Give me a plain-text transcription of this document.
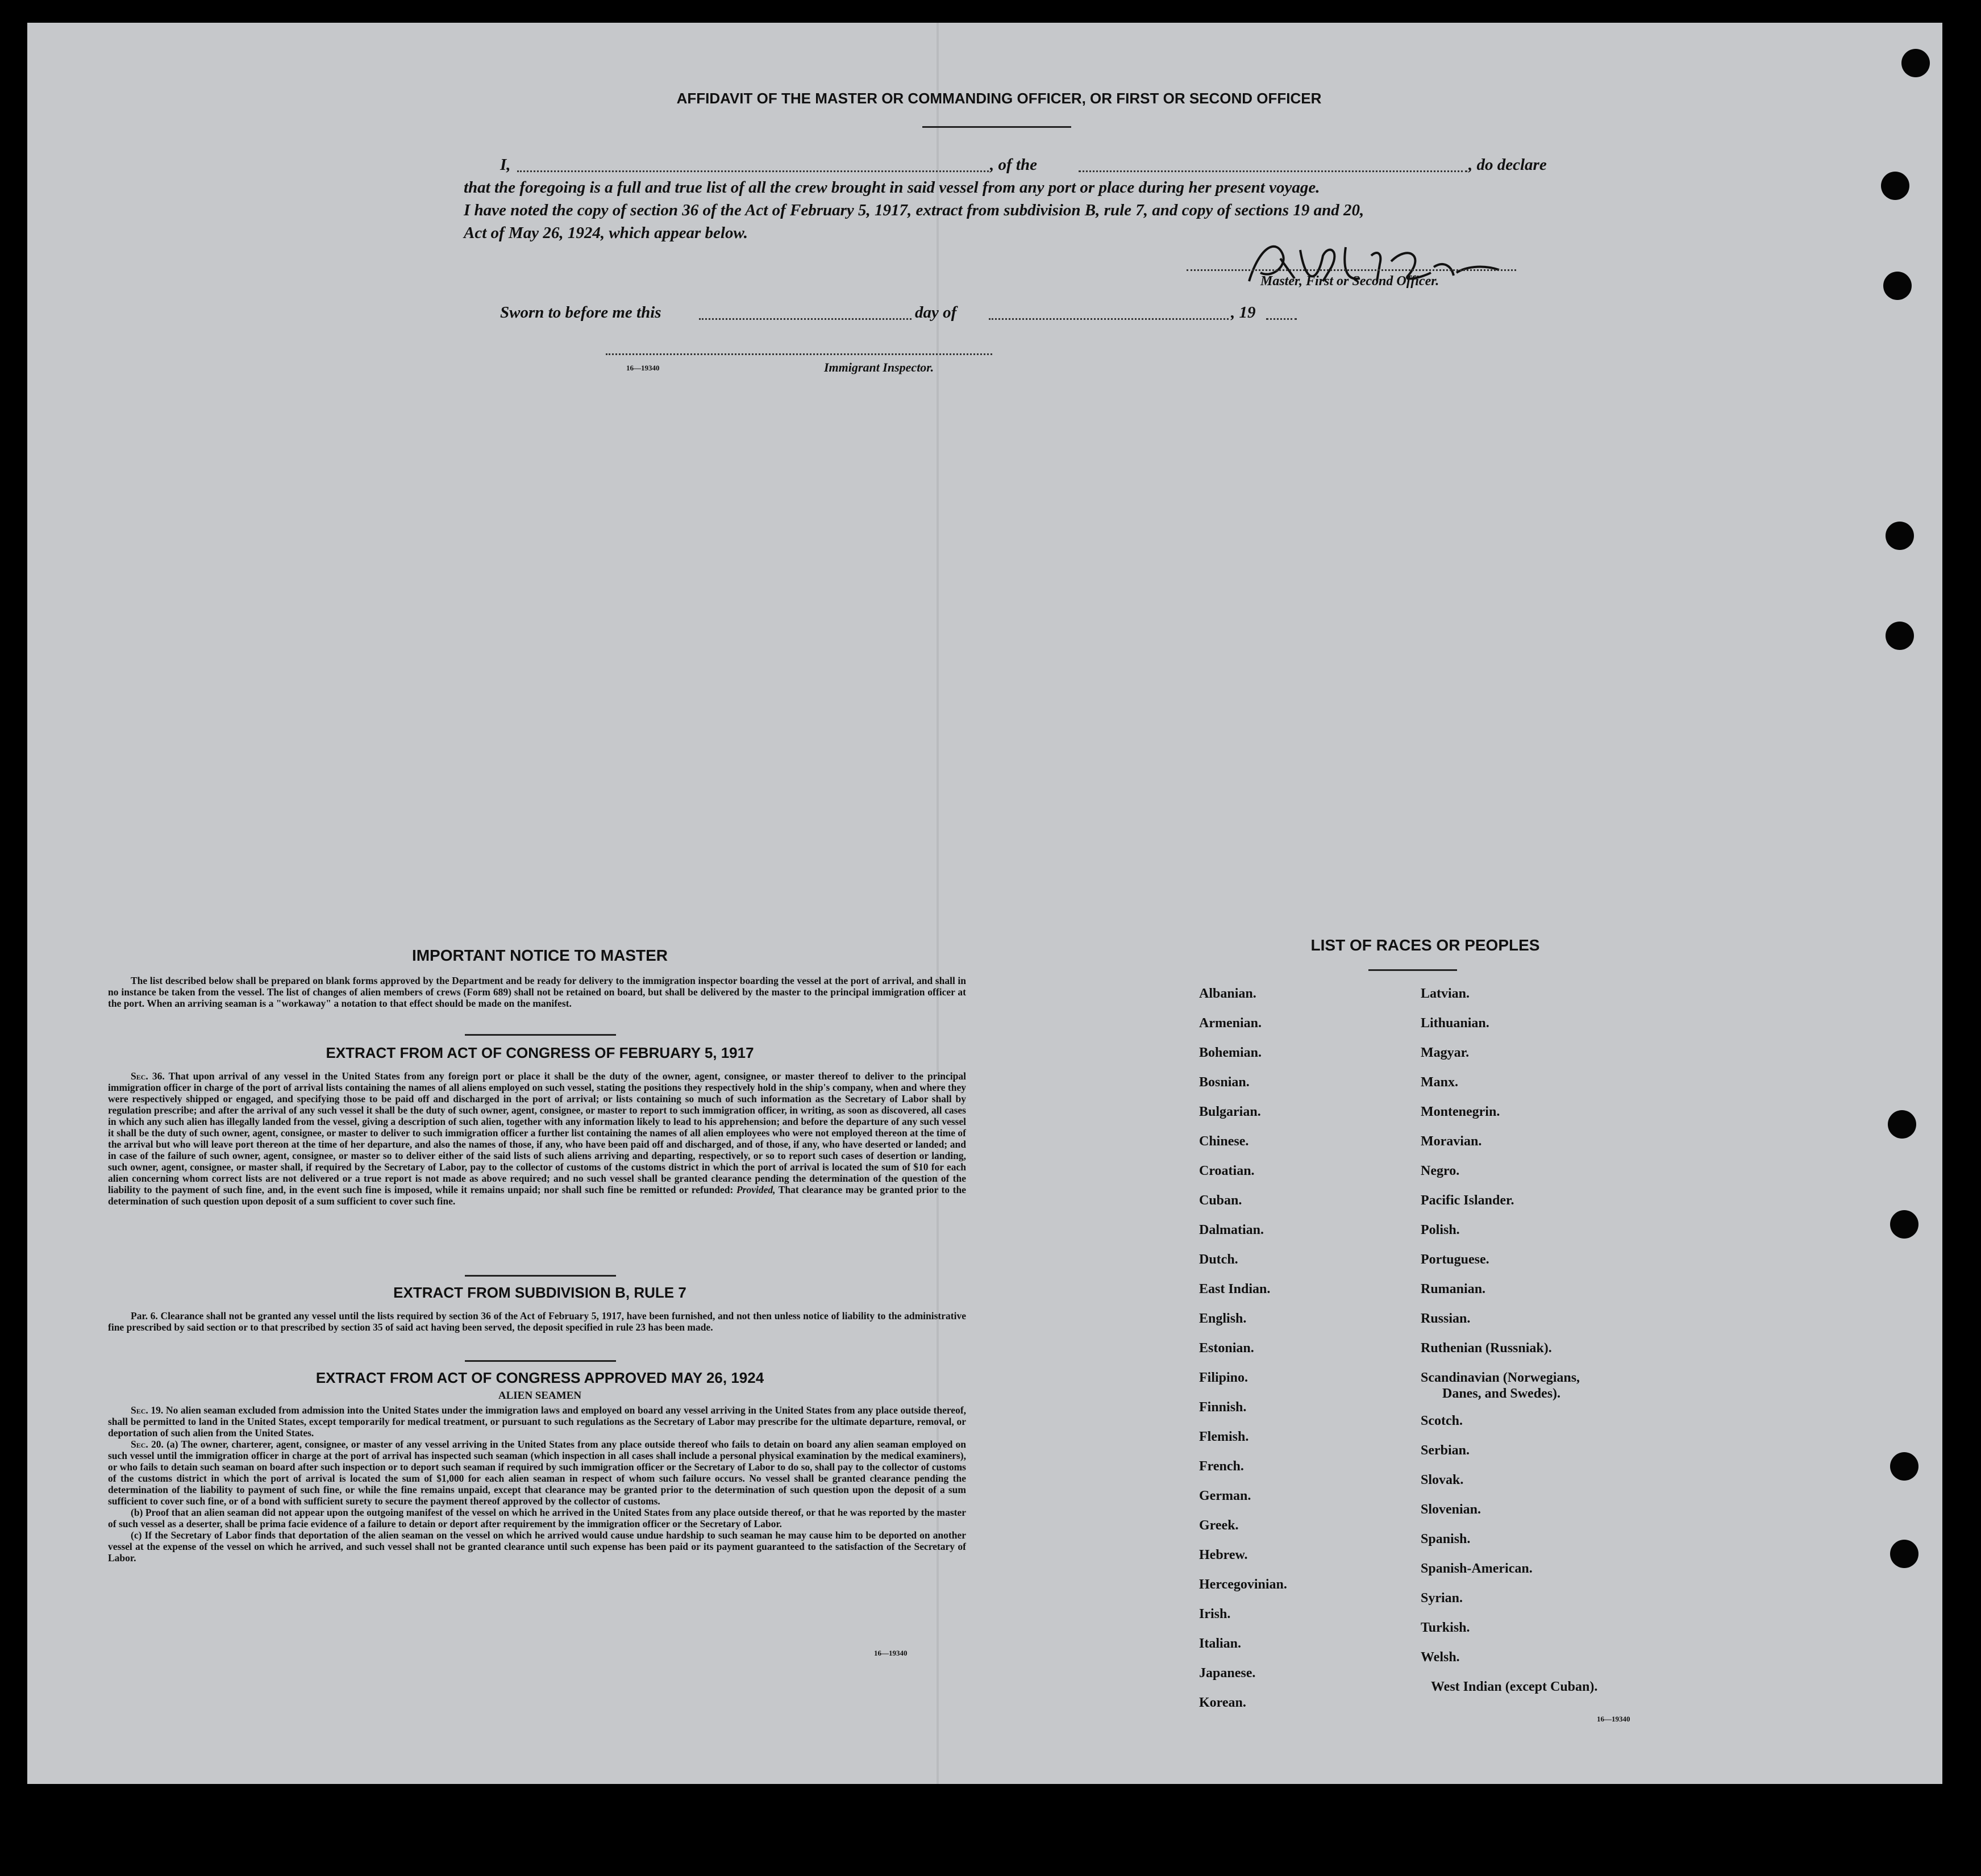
AFFIDAVIT OF THE MASTER OR COMMANDING OFFICER, OR FIRST OR SECOND OFFICER
I,	, of the	, do declare
that the foregoing is a full and true list of all the crew brought in said vessel from any port or place during her present voyage.
I have noted the copy of section 36 of the Act of February 5, 1917, extract from subdivision B, rule 7, and copy of sections 19 and 20,
Act of May 26, 1924, which appear below.
Master, First or Second Officer.
Sworn to before me this	day of	, 19
16—19340	Immigrant Inspector.
IMPORTANT NOTICE TO MASTER

The list described below shall be prepared on blank forms approved by the Department and be ready for delivery to the immigration inspector boarding the vessel at the port of arrival, and shall in no instance be taken from the vessel. The list of changes of alien members of crews (Form 689) shall not be retained on board, but shall be delivered by the master to the principal immigration officer at the port. When an arriving seaman is a "workaway" a notation to that effect should be made on the manifest.

EXTRACT FROM ACT OF CONGRESS OF FEBRUARY 5, 1917

Sec. 36. That upon arrival of any vessel in the United States from any foreign port or place it shall be the duty of the owner, agent, consignee, or master thereof to deliver to the principal immigration officer in charge of the port of arrival lists containing the names of all aliens employed on such vessel, stating the positions they respectively hold in the ship's company, when and where they were respectively shipped or engaged, and specifying those to be paid off and discharged in the port of arrival; or lists containing so much of such information as the Secretary of Labor shall by regulation prescribe; and after the arrival of any such vessel it shall be the duty of such owner, agent, consignee, or master to report to such immigration officer, in writing, as soon as discovered, all cases in which any such alien has illegally landed from the vessel, giving a description of such alien, together with any information likely to lead to his apprehension; and before the departure of any such vessel it shall be the duty of such owner, agent, consignee, or master to deliver to such immigration officer a further list containing the names of all alien employees who were not employed thereon at the time of the arrival but who will leave port thereon at the time of her departure, and also the names of those, if any, who have been paid off and discharged, and of those, if any, who have deserted or landed; and in case of the failure of such owner, agent, consignee, or master so to deliver either of the said lists of such aliens arriving and departing, respectively, or so to report such cases of desertion or landing, such owner, agent, consignee, or master shall, if required by the Secretary of Labor, pay to the collector of customs of the customs district in which the port of arrival is located the sum of $10 for each alien concerning whom correct lists are not delivered or a true report is not made as above required; and no such vessel shall be granted clearance pending the determination of the question of the liability to the payment of such fine, and, in the event such fine is imposed, while it remains unpaid; nor shall such fine be remitted or refunded: Provided, That clearance may be granted prior to the determination of such question upon deposit of a sum sufficient to cover such fine.

EXTRACT FROM SUBDIVISION B, RULE 7

Par. 6. Clearance shall not be granted any vessel until the lists required by section 36 of the Act of February 5, 1917, have been furnished, and not then unless notice of liability to the administrative fine prescribed by said section or to that prescribed by section 35 of said act having been served, the deposit specified in rule 23 has been made.

EXTRACT FROM ACT OF CONGRESS APPROVED MAY 26, 1924
ALIEN SEAMEN

Sec. 19. No alien seaman excluded from admission into the United States under the immigration laws and employed on board any vessel arriving in the United States from any place outside thereof, shall be permitted to land in the United States, except temporarily for medical treatment, or pursuant to such regulations as the Secretary of Labor may prescribe for the ultimate departure, removal, or deportation of such alien from the United States.

Sec. 20. (a) The owner, charterer, agent, consignee, or master of any vessel arriving in the United States from any place outside thereof who fails to detain on board any alien seaman employed on such vessel until the immigration officer in charge at the port of arrival has inspected such seaman (which inspection in all cases shall include a personal physical examination by the medical examiners), or who fails to detain such seaman on board after such inspection or to deport such seaman if required by such immigration officer or the Secretary of Labor to do so, shall pay to the collector of customs of the customs district in which the port of arrival is located the sum of $1,000 for each alien seaman in respect of whom such failure occurs. No vessel shall be granted clearance pending the determination of the liability to payment of such fine, or while the fine remains unpaid, except that clearance may be granted prior to the determination of such question upon the deposit of a sum sufficient to cover such fine, or of a bond with sufficient surety to secure the payment thereof approved by the collector of customs.

(b) Proof that an alien seaman did not appear upon the outgoing manifest of the vessel on which he arrived in the United States from any place outside thereof, or that he was reported by the master of such vessel as a deserter, shall be prima facie evidence of a failure to detain or deport after requirement by the immigration officer or the Secretary of Labor.

(c) If the Secretary of Labor finds that deportation of the alien seaman on the vessel on which he arrived would cause undue hardship to such seaman he may cause him to be deported on another vessel at the expense of the vessel on which he arrived, and such vessel shall not be granted clearance until such expense has been paid or its payment guaranteed to the satisfaction of the Secretary of Labor.

16—19340
LIST OF RACES OR PEOPLES
Albanian.
Armenian.
Bohemian.
Bosnian.
Bulgarian.
Chinese.
Croatian.
Cuban.
Dalmatian.
Dutch.
East Indian.
English.
Estonian.
Filipino.
Finnish.
Flemish.
French.
German.
Greek.
Hebrew.
Hercegovinian.
Irish.
Italian.
Japanese.
Korean.
Latvian.
Lithuanian.
Magyar.
Manx.
Montenegrin.
Moravian.
Negro.
Pacific Islander.
Polish.
Portuguese.
Rumanian.
Russian.
Ruthenian (Russniak).
Scandinavian (Norwegians,
Danes, and Swedes).
Scotch.
Serbian.
Slovak.
Slovenian.
Spanish.
Spanish-American.
Syrian.
Turkish.
Welsh.
West Indian (except Cuban).
16—19340
